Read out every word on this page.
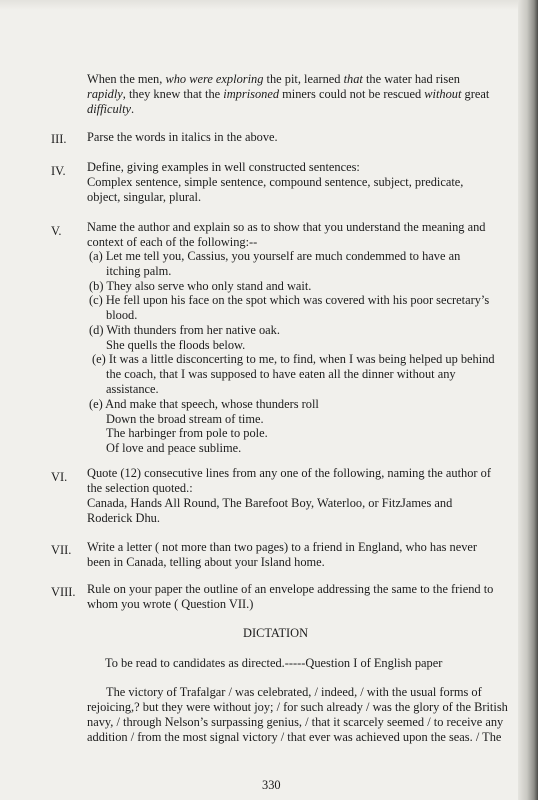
When the men, who were exploring the pit, learned that the water had risen
rapidly, they knew that the imprisoned miners could not be rescued without great
difficulty.
III. Parse the words in italics in the above.
IV. Define, giving examples in well constructed sentences:
Complex sentence, simple sentence, compound sentence, subject, predicate,
object, singular, plural.
V. Name the author and explain so as to show that you understand the meaning and
context of each of the following:--
(a) Let me tell you, Cassius, you yourself are much condemmed to have an
itching palm.
(b) They also serve who only stand and wait.
(c) He fell upon his face on the spot which was covered with his poor secretary’s
blood.
(d) With thunders from her native oak.
She quells the floods below.
(e) It was a little disconcerting to me, to find, when I was being helped up behind
the coach, that I was supposed to have eaten all the dinner without any
assistance.
(e) And make that speech, whose thunders roll
Down the broad stream of time.
The harbinger from pole to pole.
Of love and peace sublime.
VI. Quote (12) consecutive lines from any one of the following, naming the author of
the selection quoted.:
Canada, Hands All Round, The Barefoot Boy, Waterloo, or FitzJames and
Roderick Dhu.
VII. Write a letter ( not more than two pages) to a friend in England, who has never
been in Canada, telling about your Island home.
VIII. Rule on your paper the outline of an envelope addressing the same to the friend to
whom you wrote ( Question VII.)
DICTATION
To be read to candidates as directed.-----Question I of English paper
The victory of Trafalgar / was celebrated, / indeed, / with the usual forms of
rejoicing,? but they were without joy; / for such already / was the glory of the British
navy, / through Nelson’s surpassing genius, / that it scarcely seemed / to receive any
addition / from the most signal victory / that ever was achieved upon the seas. / The
330
